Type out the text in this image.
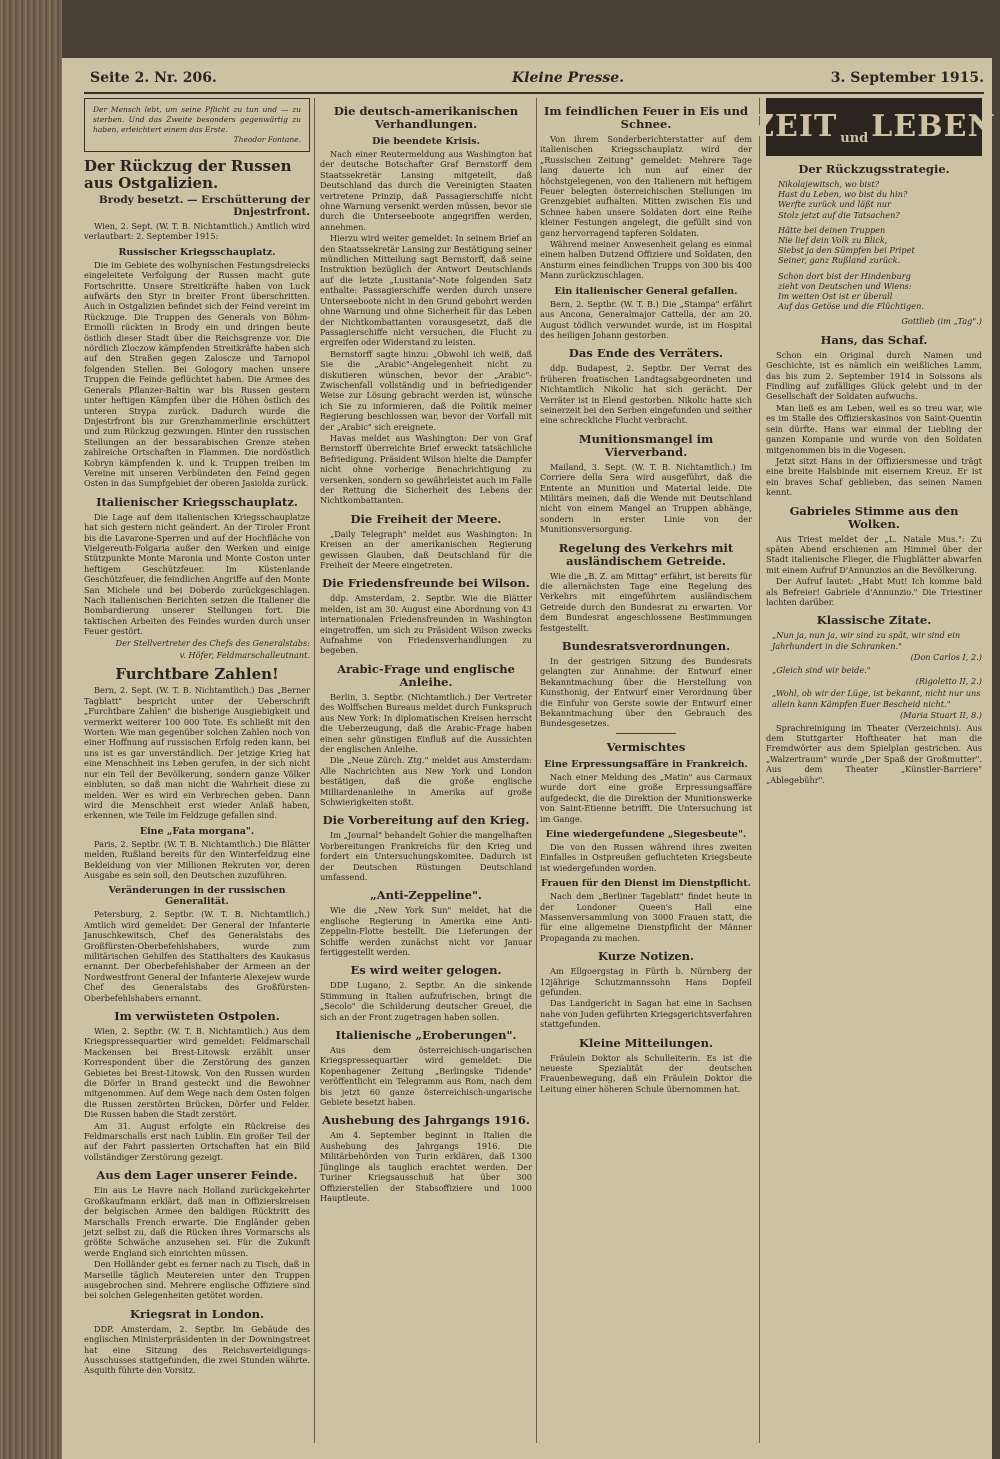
Seite 2. Nr. 206.	Kleine Presse.	3. September 1915.
Der Mensch lebt, um seine Pflicht zu tun und — zu sterben. Und das Zweite besonders gegenwärtig zu haben, erleichtert einem das Erste.
Theodor Fontane.
Der Rückzug der Russen aus Ostgalizien.
Brody besetzt. — Erschütterung der Dnjestrfront.

Wien, 2. Sept. (W. T. B. Nichtamtlich.) Amtlich wird verlautbart: 2. September 1915:

Russischer Kriegsschauplatz.

Die im Gebiete des wolhynischen Festungsdreiecks eingeleitete Verfolgung der Russen macht gute Fortschritte. Unsere Streitkräfte haben von Luck aufwärts den Styr in breiter Front überschritten. Auch in Ostgalizien befindet sich der Feind vereint im Rückzuge. Die Truppen des Generals von Böhm-Ermolli rückten in Brody ein und dringen beute östlich dieser Stadt über die Reichsgrenze vor. Die nördlich Zloczow kämpfenden Streitkräfte haben sich auf den Straßen gegen Zaloscze und Tarnopol folgenden Stellen. Bei Gologory machen unsere Truppen die Feinde geflüchtet haben. Die Armee des Generals Pflanzer-Baltin war bis Russen gestern unter heftigen Kämpfen über die Höhen östlich des unteren Strypa zurück. Dadurch wurde die Dnjestrfront bis zur Grenzhammerlinie erschüttert und zum Rückzug gezwungen. Hinter den russischen Stellungen an der bessarabischen Grenze stehen zahlreiche Ortschaften in Flammen. Die nordöstlich Kobryn kämpfenden k. und k. Truppen treiben im Vereine mit unseren Verbündeten den Feind gegen Osten in das Sumpfgebiet der oberen Jasiolda zurück.

Italienischer Kriegsschauplatz.

Die Lage auf dem italienischen Kriegsschauplatze hat sich gestern nicht geändert. An der Tiroler Front bis die Lavarone-Sperren und auf der Hochfläche von Vielgereuth-Folgaria außer den Werken und einige Stützpunkte Monte Maronia und Monte Coston unter heftigem Geschützfeuer. Im Küstenlande Geschützfeuer, die feindlichen Angriffe auf den Monte San Michele und bei Doberdo zurückgeschlagen. Nach italienischen Berichten setzen die Italiener die Bombardierung unserer Stellungen fort. Die taktischen Arbeiten des Feindes wurden durch unser Feuer gestört.

Der Stellvertreter des Chefs des Generalstabs:
v. Höfer, Feldmarschalleutnant.
Furchtbare Zahlen!

Bern, 2. Sept. (W. T. B. Nichtamtlich.) Das „Berner Tagblatt" bespricht unter der Ueberschrift „Furchtbare Zahlen" die bisherige Ausgiebigkeit und vermerkt weiterer 100 000 Tote. Es schließt mit den Worten: Wie man gegenüber solchen Zahlen noch von einer Hoffnung auf russischen Erfolg reden kann, bei uns ist es gar unverständlich. Der jetzige Krieg hat eine Menschheit ins Leben gerufen, in der sich nicht nur ein Teil der Bevölkerung, sondern ganze Völker einbluten, so daß man nicht die Wahrheit diese zu melden. Wer es wird ein Verbrechen geben. Dann wird die Menschheit erst wieder Anlaß haben, erkennen, wie Teile im Feldzuge gefallen sind.

Eine „Fata morgana".

Paris, 2. Septbr. (W. T. B. Nichtamtlich.) Die Blätter melden, Rußland bereits für den Winterfeldzug eine Bekleidung von vier Millionen Rekruten vor, deren Ausgabe es sein soll, den Deutschen zuzuführen.

Veränderungen in der russischen Generalität.

Petersburg, 2. Septbr. (W. T. B. Nichtamtlich.) Amtlich wird gemeldet: Der General der Infanterie Januschkewitsch, Chef des Generalstabs des Großfürsten-Oberbefehlshabers, wurde zum militärischen Gehilfen des Statthalters des Kaukasus ernannt. Der Oberbefehlshaber der Armeen an der Nordwestfront General der Infanterie Alexejew wurde Chef des Generalstabs des Großfürsten-Oberbefehlshabers ernannt.

Im verwüsteten Ostpolen.

Wien, 2. Septbr. (W. T. B. Nichtamtlich.) Aus dem Kriegspressequartier wird gemeldet: Feldmarschall Mackensen bei Brest-Litowsk erzählt unser Korrespondent über die Zerstörung des ganzen Gebietes bei Brest-Litowsk. Von den Russen wurden die Dörfer in Brand gesteckt und die Bewohner mitgenommen. Auf dem Wege nach dem Osten folgen die Russen zerstörten Brücken, Dörfer und Felder. Die Russen haben die Stadt zerstört.

Am 31. August erfolgte ein Rückreise des Feldmarschalls erst nach Lublin. Ein großer Teil der auf der Fahrt passierten Ortschaften hat ein Bild vollständiger Zerstörung gezeigt.

Aus dem Lager unserer Feinde.

Ein aus Le Havre nach Holland zurückgekehrter Großkaufmann erklärt, daß man in Offizierskreisen der belgischen Armee den baldigen Rücktritt des Marschalls French erwarte. Die Engländer geben jetzt selbst zu, daß die Rücken ihres Vormarschs als größte Schwäche anzusehen sei. Für die Zukunft werde England sich einrichten müssen.

Den Holländer gebt es ferner nach zu Tisch, daß in Marseille täglich Meutereien unter den Truppen ausgebrochen sind. Mehrere englische Offiziere sind bei solchen Gelegenheiten getötet worden.

Kriegsrat in London.

DDP. Amsterdam, 2. Septbr. Im Gebäude des englischen Ministerpräsidenten in der Downingstreet hat eine Sitzung des Reichsverteidigungs-Ausschusses stattgefunden, die zwei Stunden währte. Asquith führte den Vorsitz.

Die deutsch-amerikanischen Verhandlungen.
Die beendete Krisis.

Nach einer Reutermeldung aus Washington hat der deutsche Botschafter Graf Bernstorff dem Staatssekretär Lansing mitgeteilt, daß Deutschland das durch die Vereinigten Staaten vertretene Prinzip, daß Passagierschiffe nicht ohne Warnung versenkt werden müssen, bevor sie durch die Unterseeboote angegriffen werden, annehmen.

Hierzu wird weiter gemeldet: In seinem Brief an den Staatssekretär Lansing zur Bestätigung seiner mündlichen Mitteilung sagt Bernstorff, daß seine Instruktion bezüglich der Antwort Deutschlands auf die letzte „Lusitania"-Note folgenden Satz enthalte: Passagierschiffe werden durch unsere Unterseeboote nicht in den Grund gebohrt werden ohne Warnung und ohne Sicherheit für das Leben der Nichtkombattanten vorausgesetzt, daß die Passagierschiffe nicht versuchen, die Flucht zu ergreifen oder Widerstand zu leisten.

Bernstorff sagte hinzu: „Obwohl ich weiß, daß Sie die „Arabic"-Angelegenheit nicht zu diskutieren wünschen, bevor der „Arabic"-Zwischenfall vollständig und in befriedigender Weise zur Lösung gebracht werden ist, wünsche ich Sie zu informieren, daß die Politik meiner Regierung beschlossen war, bevor der Vorfall mit der „Arabic" sich ereignete.

Havas meldet aus Washington: Der von Graf Bernstorff überreichte Brief erweckt tatsächliche Befriedigung. Präsident Wilson hielte die Dampfer nicht ohne vorherige Benachrichtigung zu versenken, sondern so gewährleistet auch im Falle der Rettung die Sicherheit des Lebens der Nichtkombattanten.

Die Freiheit der Meere.

„Daily Telegraph" meldet aus Washington: In Kreisen an der amerikanischen Regierung gewissen Glauben, daß Deutschland für die Freiheit der Meere eingetreten.

Die Friedensfreunde bei Wilson.

ddp. Amsterdam, 2. Septbr. Wie die Blätter melden, ist am 30. August eine Abordnung von 43 internationalen Friedensfreunden in Washington eingetroffen, um sich zu Präsident Wilson zwecks Aufnahme von Friedensverhandlungen zu begeben.

Arabic-Frage und englische Anleihe.

Berlin, 3. Septbr. (Nichtamtlich.) Der Vertreter des Wolffschen Bureaus meldet durch Funkspruch aus New York: In diplomatischen Kreisen herrscht die Ueberzeugung, daß die Arabic-Frage haben einen sehr günstigen Einfluß auf die Aussichten der englischen Anleihe.

Die „Neue Zürch. Ztg." meldet aus Amsterdam: Alle Nachrichten aus New York und London bestätigen, daß die große englische Milliardenanleihe in Amerika auf große Schwierigkeiten stoßt.

Die Vorbereitung auf den Krieg.

Im „Journal" behandelt Gohier die mangelhaften Vorbereitungen Frankreichs für den Krieg und fordert ein Untersuchungskomitee. Dadurch ist der Deutschen Rüstungen Deutschland umfassend.

„Anti-Zeppeline".

Wie die „New York Sun" meldet, hat die englische Regierung in Amerika eine Anti-Zeppelin-Flotte bestellt. Die Lieferungen der Schiffe werden zunächst nicht vor Januar fertiggestellt werden.

Es wird weiter gelogen.

DDP Lugano, 2. Septbr. An die sinkende Stimmung in Italien aufzufrischen, bringt die „Secolo" die Schilderung deutscher Greuel, die sich an der Front zugetragen haben sollen.

Italienische „Eroberungen".

Aus dem österreichisch-ungarischen Kriegspressequartier wird gemeldet: Die Kopenhagener Zeitung „Berlingske Tidende" veröffentlicht ein Telegramm aus Rom, nach dem bis jetzt 60 ganze österreichisch-ungarische Gebiete besetzt haben.

Aushebung des Jahrgangs 1916.

Am 4. September beginnt in Italien die Aushebung des Jahrgangs 1916. Die Militärbehörden von Turin erklären, daß 1300 Jünglinge als tauglich erachtet werden. Der Turiner Kriegsausschuß hat über 300 Offizierstellen der Stabsoffiziere und 1000 Hauptleute.

Im feindlichen Feuer in Eis und Schnee.

Von ihrem Sonderberichterstatter auf dem italienischen Kriegsschauplatz wird der „Russischen Zeitung" gemeldet: Mehrere Tage lang dauerte ich nun auf einer der höchstgelegenen, von den Italienern mit heftigem Feuer belegten österreichischen Stellungen im Grenzgebiet aufhalten. Mitten zwischen Eis und Schnee haben unsere Soldaten dort eine Reihe kleiner Festungen angelegt, die gefüllt sind von ganz hervorragend tapferen Soldaten.

Während meiner Anwesenheit gelang es einmal einem halben Dutzend Offiziere und Soldaten, den Ansturm eines feindlichen Trupps von 300 bis 400 Mann zurückzuschlagen.

Ein italienischer General gefallen.

Bern, 2. Septbr. (W. T. B.) Die „Stampa" erfährt aus Ancona, Generalmajor Cattella, der am 20. August tödlich verwundet wurde, ist im Hospital des heiligen Johann gestorben.

Das Ende des Verräters.

ddp. Budapest, 2. Septbr. Der Verrat des früheren froatischen Landtagsabgeordneten und Nichtamtlich Nikolic hat sich gerächt. Der Verräter ist in Elend gestorben. Nikolic hatte sich seinerzeit bei den Serben eingefunden und seither eine schreckliche Flucht verbracht.

Munitionsmangel im Vierverband.

Mailand, 3. Sept. (W. T. B. Nichtamtlich.) Im Corriere della Sera wird ausgeführt, daß die Entente an Munition und Material leide. Die Militärs meinen, daß die Wende mit Deutschland nicht von einem Mangel an Truppen abhänge, sondern in erster Linie von der Munitionsversorgung.

Regelung des Verkehrs mit ausländischem Getreide.

Wie die „B. Z. am Mittag" erfährt, ist bereits für die allernächsten Tage eine Regelung des Verkehrs mit eingeführtem ausländischem Getreide durch den Bundesrat zu erwarten. Vor dem Bundesrat angeschlossene Bestimmungen festgestellt.

Bundesratsverordnungen.

In der gestrigen Sitzung des Bundesrats gelangten zur Annahme: der Entwurf einer Bekanntmachung über die Herstellung von Kunsthonig, der Entwurf einer Verordnung über die Einfuhr von Gerste sowie der Entwurf einer Bekanntmachung über den Gebrauch des Bundesgesetzes.

Vermischtes
Eine Erpressungsaffäre in Frankreich.

Nach einer Meldung des „Matin" aus Carmaux wurde dort eine große Erpressungsaffäre aufgedeckt, die die Direktion der Munitionswerke von Saint-Etienne betrifft. Die Untersuchung ist im Gange.

Eine wiedergefundene „Siegesbeute".

Die von den Russen während ihres zweiten Einfalles in Ostpreußen gefluchteten Kriegsbeute ist wiedergefunden worden.

Frauen für den Dienst im Dienstpflicht.

Nach dem „Berliner Tageblatt" findet heute in der Londoner Queen's Hall eine Massenversammlung von 3000 Frauen statt, die für eine allgemeine Dienstpflicht der Männer Propaganda zu machen.

Kurze Notizen.

Am Ellgoergstag in Fürth b. Nürnberg der 12jährige Schutzmannssohn Hans Dopfeil gefunden.

Das Landgericht in Sagan hat eine in Sachsen nahe von Juden geführten Kriegsgerichtsverfahren stattgefunden.

Kleine Mitteilungen.

Fräulein Doktor als Schulleiterin. Es ist die neueste Spezialität der deutschen Frauenbewegung, daß ein Fräulein Doktor die Leitung einer höheren Schule übernommen hat.

ZEIT und LEBEN
Der Rückzugsstrategie.
Nikolajewitsch, wo bist?
Hast du Leben, wo bist du hin?
Werfte zurück und läßt nur
Stolz jetzt auf die Tatsachen?
Hätte bei deinen Truppen
Nie lief dein Volk zu Blick,
Siebst ja den Sümpfen bei Pripet
Seiner, ganz Rußland zurück.
Schon dort bist der Hindenburg
zieht von Deutschen und Wiens:
Im weiten Ost ist er überall
Auf das Getöse und die Flüchtigen.
Gottlieb (im „Tag".)
Hans, das Schaf.

Schon ein Original durch Namen und Geschichte, ist es nämlich ein weißliches Lamm, das bis zum 2. September 1914 in Soissons als Findling auf zufälliges Glück gelebt und in der Gesellschaft der Soldaten aufwuchs.

Man ließ es am Leben, weil es so treu war, wie es im Stalle des Offizierskasinos von Saint-Quentin sein dürfte. Hans war einmal der Liebling der ganzen Kompanie und wurde von den Soldaten mitgenommen bis in die Vogesen.

Jetzt sitzt Hans in der Offiziersmesse und trägt eine breite Halsbinde mit eisernem Kreuz. Er ist ein braves Schaf geblieben, das seinen Namen kennt.

Gabrieles Stimme aus den Wolken.

Aus Triest meldet der „L. Natale Mus.": Zu späten Abend erschienen am Himmel über der Stadt italienische Flieger, die Flugblätter abwarfen mit einem Aufruf D'Annunzios an die Bevölkerung.

Der Aufruf lautet: „Habt Mut! Ich komme bald als Befreier! Gabriele d'Annunzio." Die Triestiner lachten darüber.

Klassische Zitate.

„Nun ja, nun ja, wir sind zu spät, wir sind ein Jahrhundert in die Schranken."

(Don Carlos I, 2.)

„Gleich sind wir beide."

(Rigoletto II, 2.)

„Wohl, ob wir der Lüge, ist bekannt, nicht nur uns allein kann Kämpfen Euer Bescheid nicht."

(Maria Stuart II, 8.)

Sprachreinigung im Theater (Verzeichnis). Aus dem Stuttgarter Hoftheater hat man die Fremdwörter aus dem Spielplan gestrichen. Aus „Walzertraum" wurde „Der Spaß der Großmutter". Aus dem Theater „Künstler-Barriere" „Ablegebühr".
